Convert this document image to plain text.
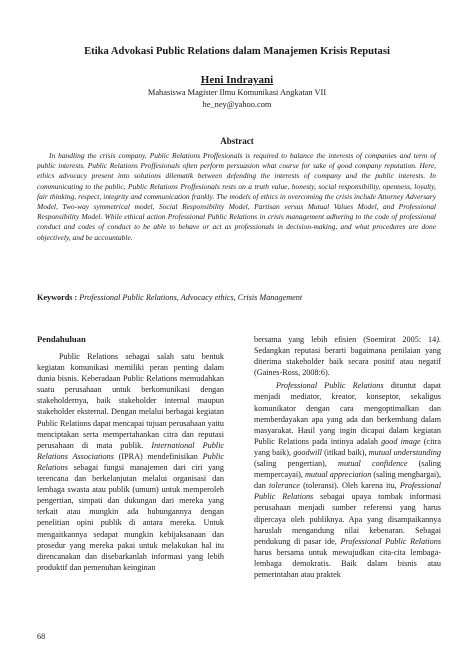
Etika Advokasi Public Relations dalam Manajemen Krisis Reputasi
Heni Indrayani
Mahasiswa Magister Ilmu Komunikasi Angkatan VII
he_ney@yahoo.com
Abstract

In handling the crisis company, Public Relations Proffesionals is required to balance the interests of companies and term of public interests. Public Relations Proffesionals often perform persuasion what course for sake of good company reputation. Here, ethics advocacy present into solutions dilematik between defending the interests of company and the public interests. In communicating to the public, Public Relations Proffesionals rests on a truth value, honesty, social responsibility, openness, loyalty, fair thinking, respect, integrity and communication frankly. The models of ethics in overcoming the crisis include Attorney Adversary Model, Two-way symmetrical model, Social Responsibility Model, Partisan versus Mutual Values Model, and Professional Responsibility Model. While ethical action Professional Public Relations in crisis management adhering to the code of professional conduct and codes of conduct to be able to behave or act as professionals in decision-making, and what procedures are done objectively, and be accountable.

Keywords : Professional Public Relations, Advocacy ethics, Crisis Management

Pendahuluan

Public Relations sebagai salah satu bentuk kegiatan komunikasi memiliki peran penting dalam dunia bisnis. Keberadaan Public Relations memudahkan suatu perusahaan untuk berkomunikasi dengan stakeholdernya, baik stakeholder internal maupun stakeholder eksternal. Dengan melalui berbagai kegiatan Public Relations dapat mencapai tujuan perusahaan yaitu menciptakan serta mempertahankan citra dan reputasi perusahaan di mata publik. International Public Relations Associations (IPRA) mendefinisikan Public Relations sebagai fungsi manajemen dari ciri yang terencana dan berkelanjutan melalui organisasi dan lembaga swasta atau publik (umum) untuk memperoleh pengertian, simpati dan dukungan dari mereka yang terkait atau mungkin ada hubungannya dengan penelitian opini publik di antara mereka. Untuk mengaitkannya sedapat mungkin kebijaksanaan dan prosedur yang mereka pakai untuk melakukan hal itu direncanakan dan disebarkanlah informasi yang lebih produktif dan pemenuhan keinginan

bersama yang lebih efisien (Soemirat 2005: 14). Sedangkan reputasi berarti bagaimana penilaian yang diterima stakeholder baik secara positif atau negatif (Gaines-Ross, 2008:6).

Professional Public Relations dituntut dapat menjadi mediator, kreator, konseptor, sekaligus komunikator dengan cara mengoptimalkan dan memberdayakan apa yang ada dan berkembang dalam masyarakat. Hasil yang ingin dicapai dalam kegiatan Public Relations pada intinya adalah good image (citra yang baik), goodwill (itikad baik), mutual understanding (saling pengertian), mutual confidence (saling mempercayai), mutual appreciation (saling menghargai), dan tolerance (toleransi). Oleh karena itu, Professional Public Relations sebagai upaya tombak informasi perusahaan menjadi sumber referensi yang harus dipercaya oleh publiknya. Apa yang disampaikannya haruslah mengandung nilai kebenaran. Sebagai pendukung di pasar ide, Professional Public Relations harus bersama untuk mewujudkan cita-cita lembaga-lembaga demokratis. Baik dalam bisnis atau pemerintahan atau praktek

68
